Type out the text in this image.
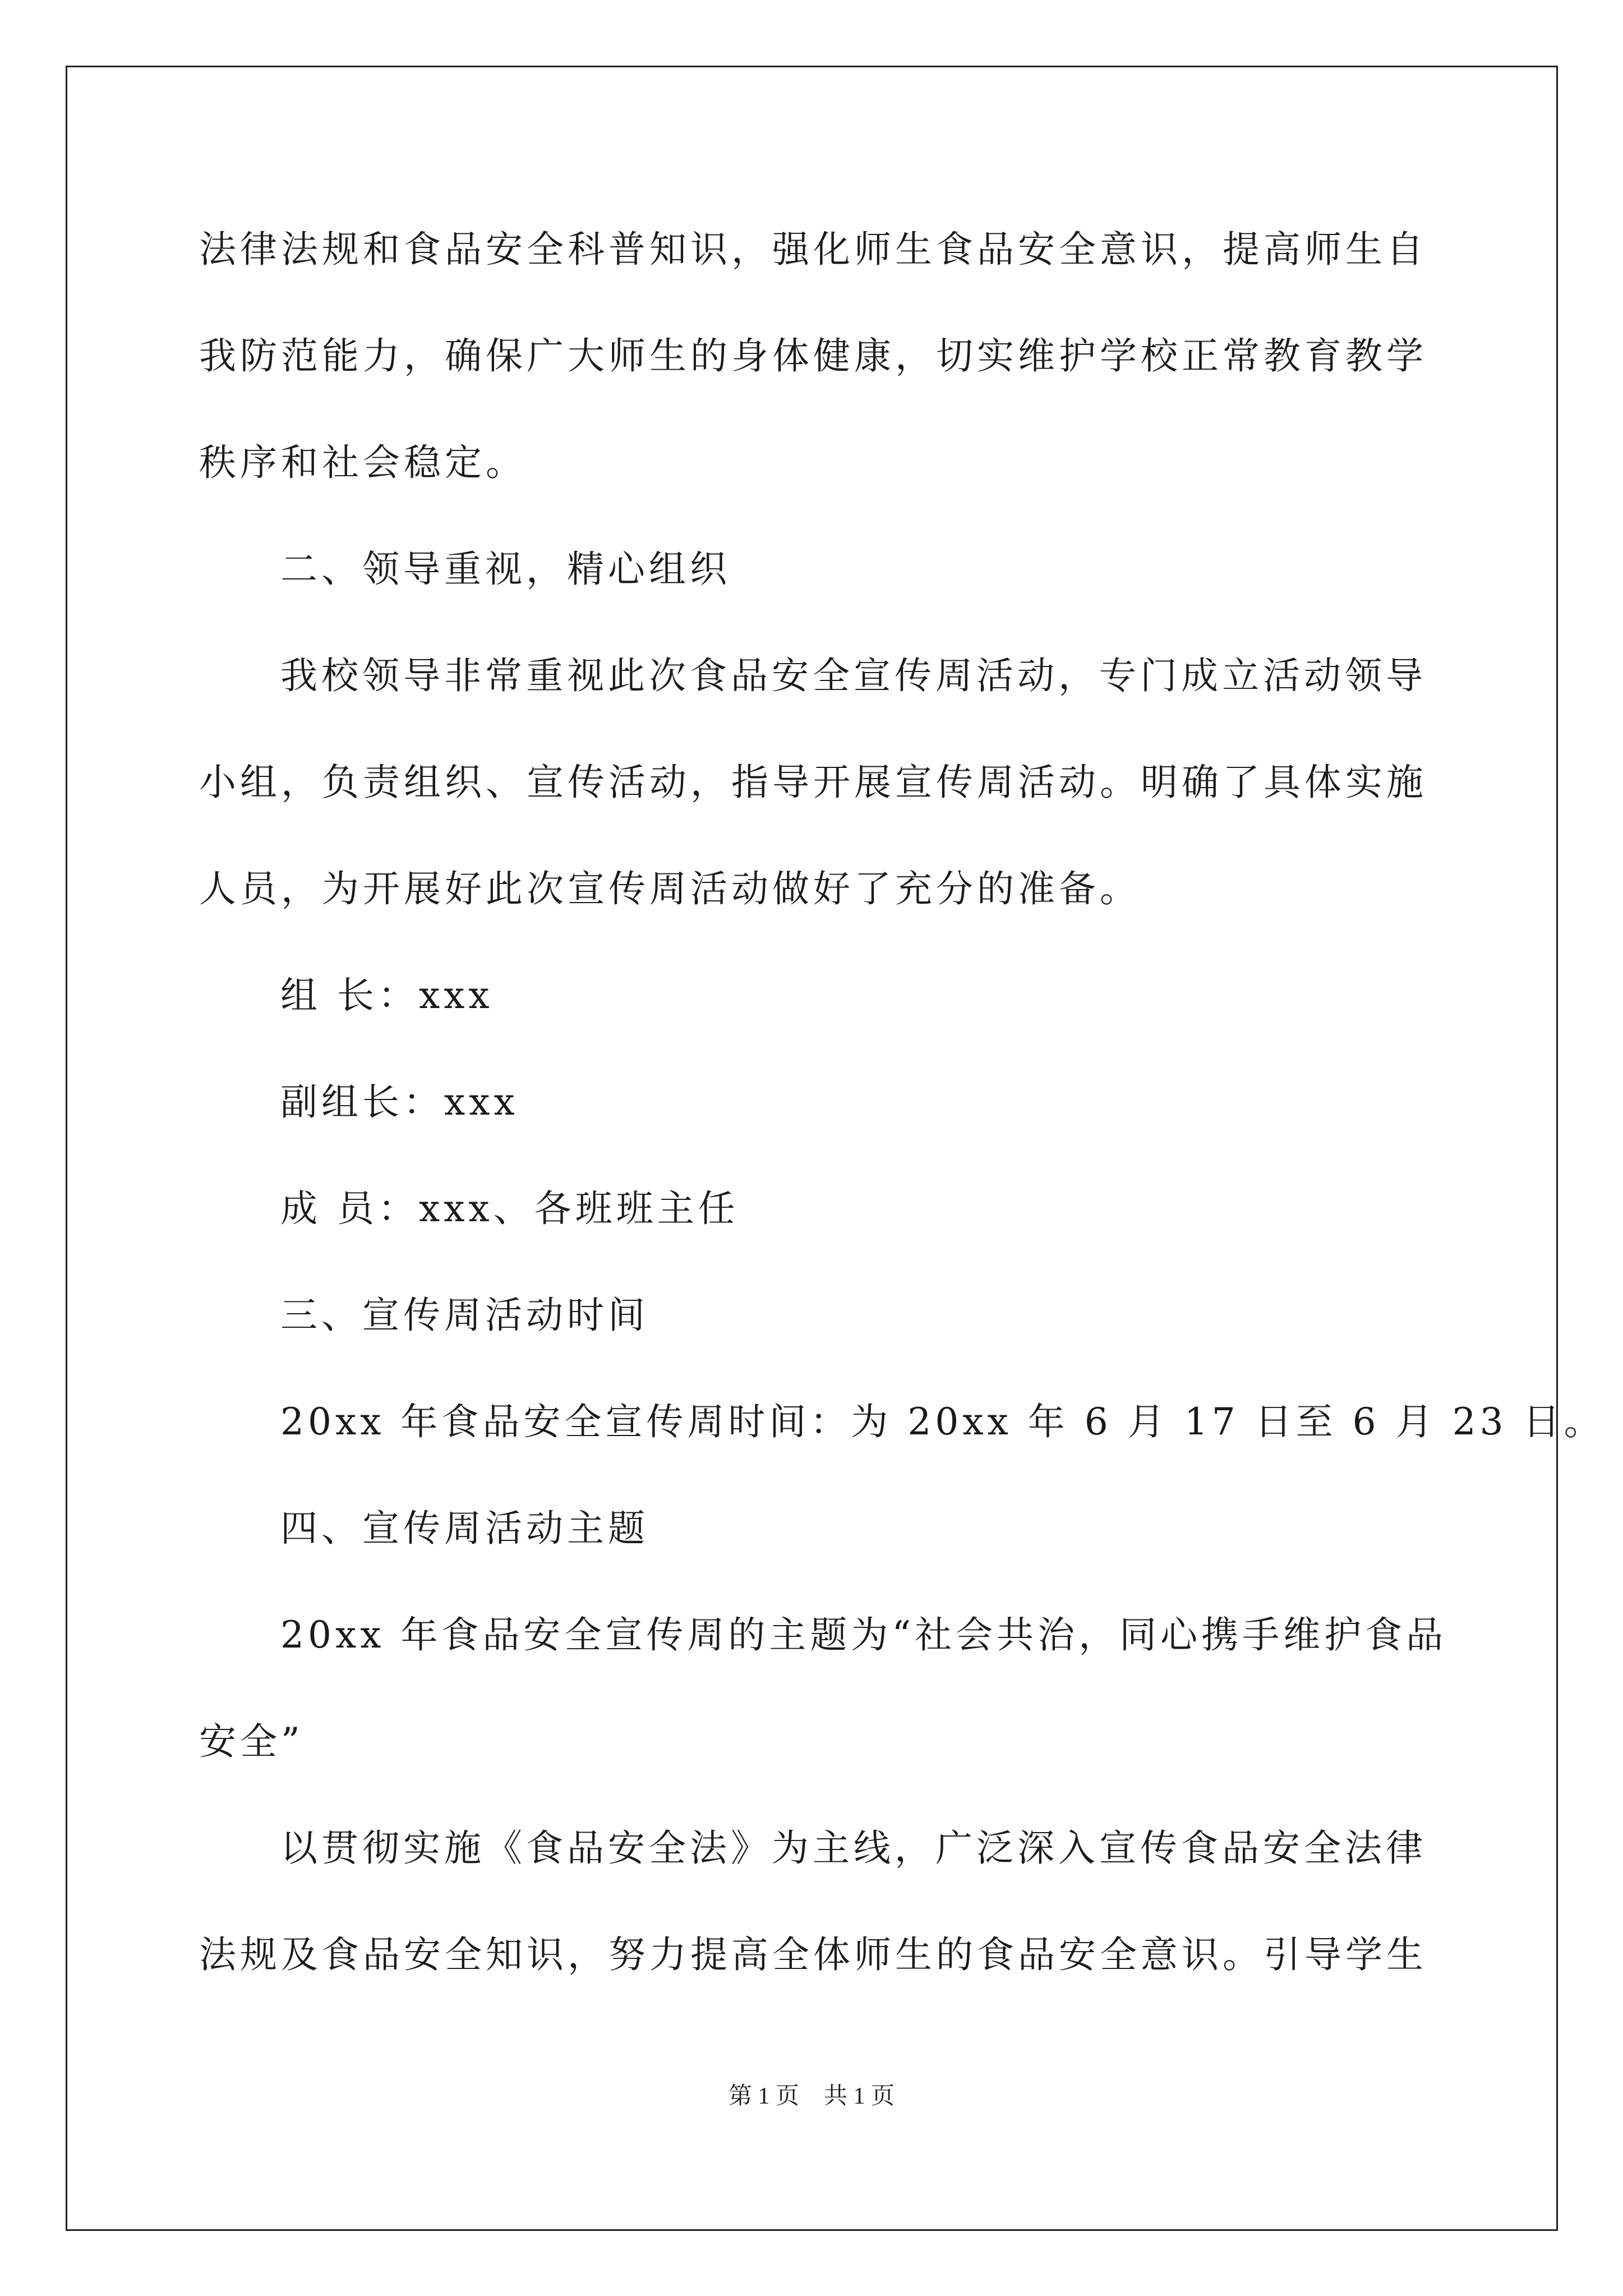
法律法规和食品安全科普知识，强化师生食品安全意识，提高师生自
我防范能力，确保广大师生的身体健康，切实维护学校正常教育教学
秩序和社会稳定。
二、领导重视，精心组织
我校领导非常重视此次食品安全宣传周活动，专门成立活动领导
小组，负责组织、宣传活动，指导开展宣传周活动。明确了具体实施
人员，为开展好此次宣传周活动做好了充分的准备。
组 长：xxx
副组长：xxx
成 员：xxx、各班班主任
三、宣传周活动时间
20xx 年食品安全宣传周时间：为 20xx 年 6 月 17 日至 6 月 23 日。
四、宣传周活动主题
20xx 年食品安全宣传周的主题为“社会共治，同心携手维护食品
安全”
以贯彻实施《食品安全法》为主线，广泛深入宣传食品安全法律
法规及食品安全知识，努力提高全体师生的食品安全意识。引导学生
第 1 页 共 1 页
